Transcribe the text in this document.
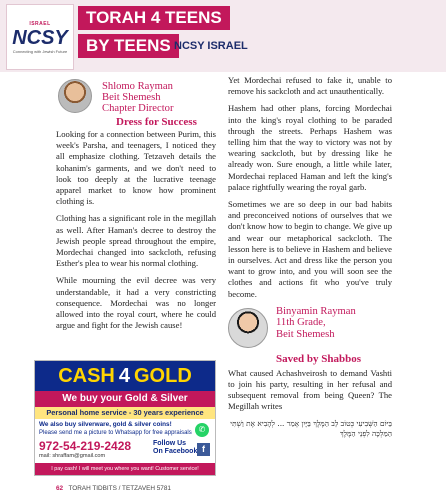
ISRAEL
NCSY
Connecting with Jewish Future
TORAH 4 TEENS
BY TEENS NCSY ISRAEL
Shlomo Rayman
Beit Shemesh
Chapter Director
Dress for Success

Looking for a connection between Purim, this week's Parsha, and teenagers, I noticed they all emphasize clothing. Tetzaveh details the kohanim's garments, and we don't need to look too deeply at the lucrative teenage apparel market to know how prominent clothing is.

Clothing has a significant role in the megillah as well. After Haman's decree to destroy the Jewish people spread throughout the empire, Mordechai changed into sackcloth, refusing Esther's plea to wear his normal clothing.

While mourning the evil decree was very understandable, it had a very constricting consequence. Mordechai was no longer allowed into the royal court, where he could argue and fight for the Jewish cause!

Yet Mordechai refused to fake it, unable to remove his sackcloth and act unauthentically.

Hashem had other plans, forcing Mordechai into the king's royal clothing to be paraded through the streets. Perhaps Hashem was telling him that the way to victory was not by wearing sackcloth, but by dressing like he already won. Sure enough, a little while later, Mordechai replaced Haman and left the king's palace rightfully wearing the royal garb.

Sometimes we are so deep in our bad habits and preconceived notions of ourselves that we don't know how to begin to change. We give up and wear our metaphorical sackcloth. The lesson here is to believe in Hashem and believe in ourselves. Act and dress like the person you want to grow into, and you will soon see the clothes and actions fit who you've truly become.

Binyamin Rayman
11th Grade,
Beit Shemesh
Saved by Shabbos

What caused Achashveirosh to demand Vashti to join his party, resulting in her refusal and subsequent removal from being Queen? The Megillah writes

בַּיּוֹם הַשְּׁבִיעִי כְּטוֹב לֵב הַמֶּלֶךְ בַּיָּיִן אָמַר ... לְהָבִיא אֶת וַשְׁתִּי הַמַּלְכָּה לִפְנֵי הַמֶּלֶךְ

CASH 4 GOLD
We buy your Gold & Silver
Personal home service - 30 years experience
We also buy silverware, gold & silver coins!
Please send me a picture to Whatsapp for free appraisals
972-54-219-2428
mail: shraffam@gmail.com
Follow Us
On Facebook
✆
f
I pay cash! I will meet you where you want! Customer service!
62 TORAH TIDBITS / TETZAVEH 5781
